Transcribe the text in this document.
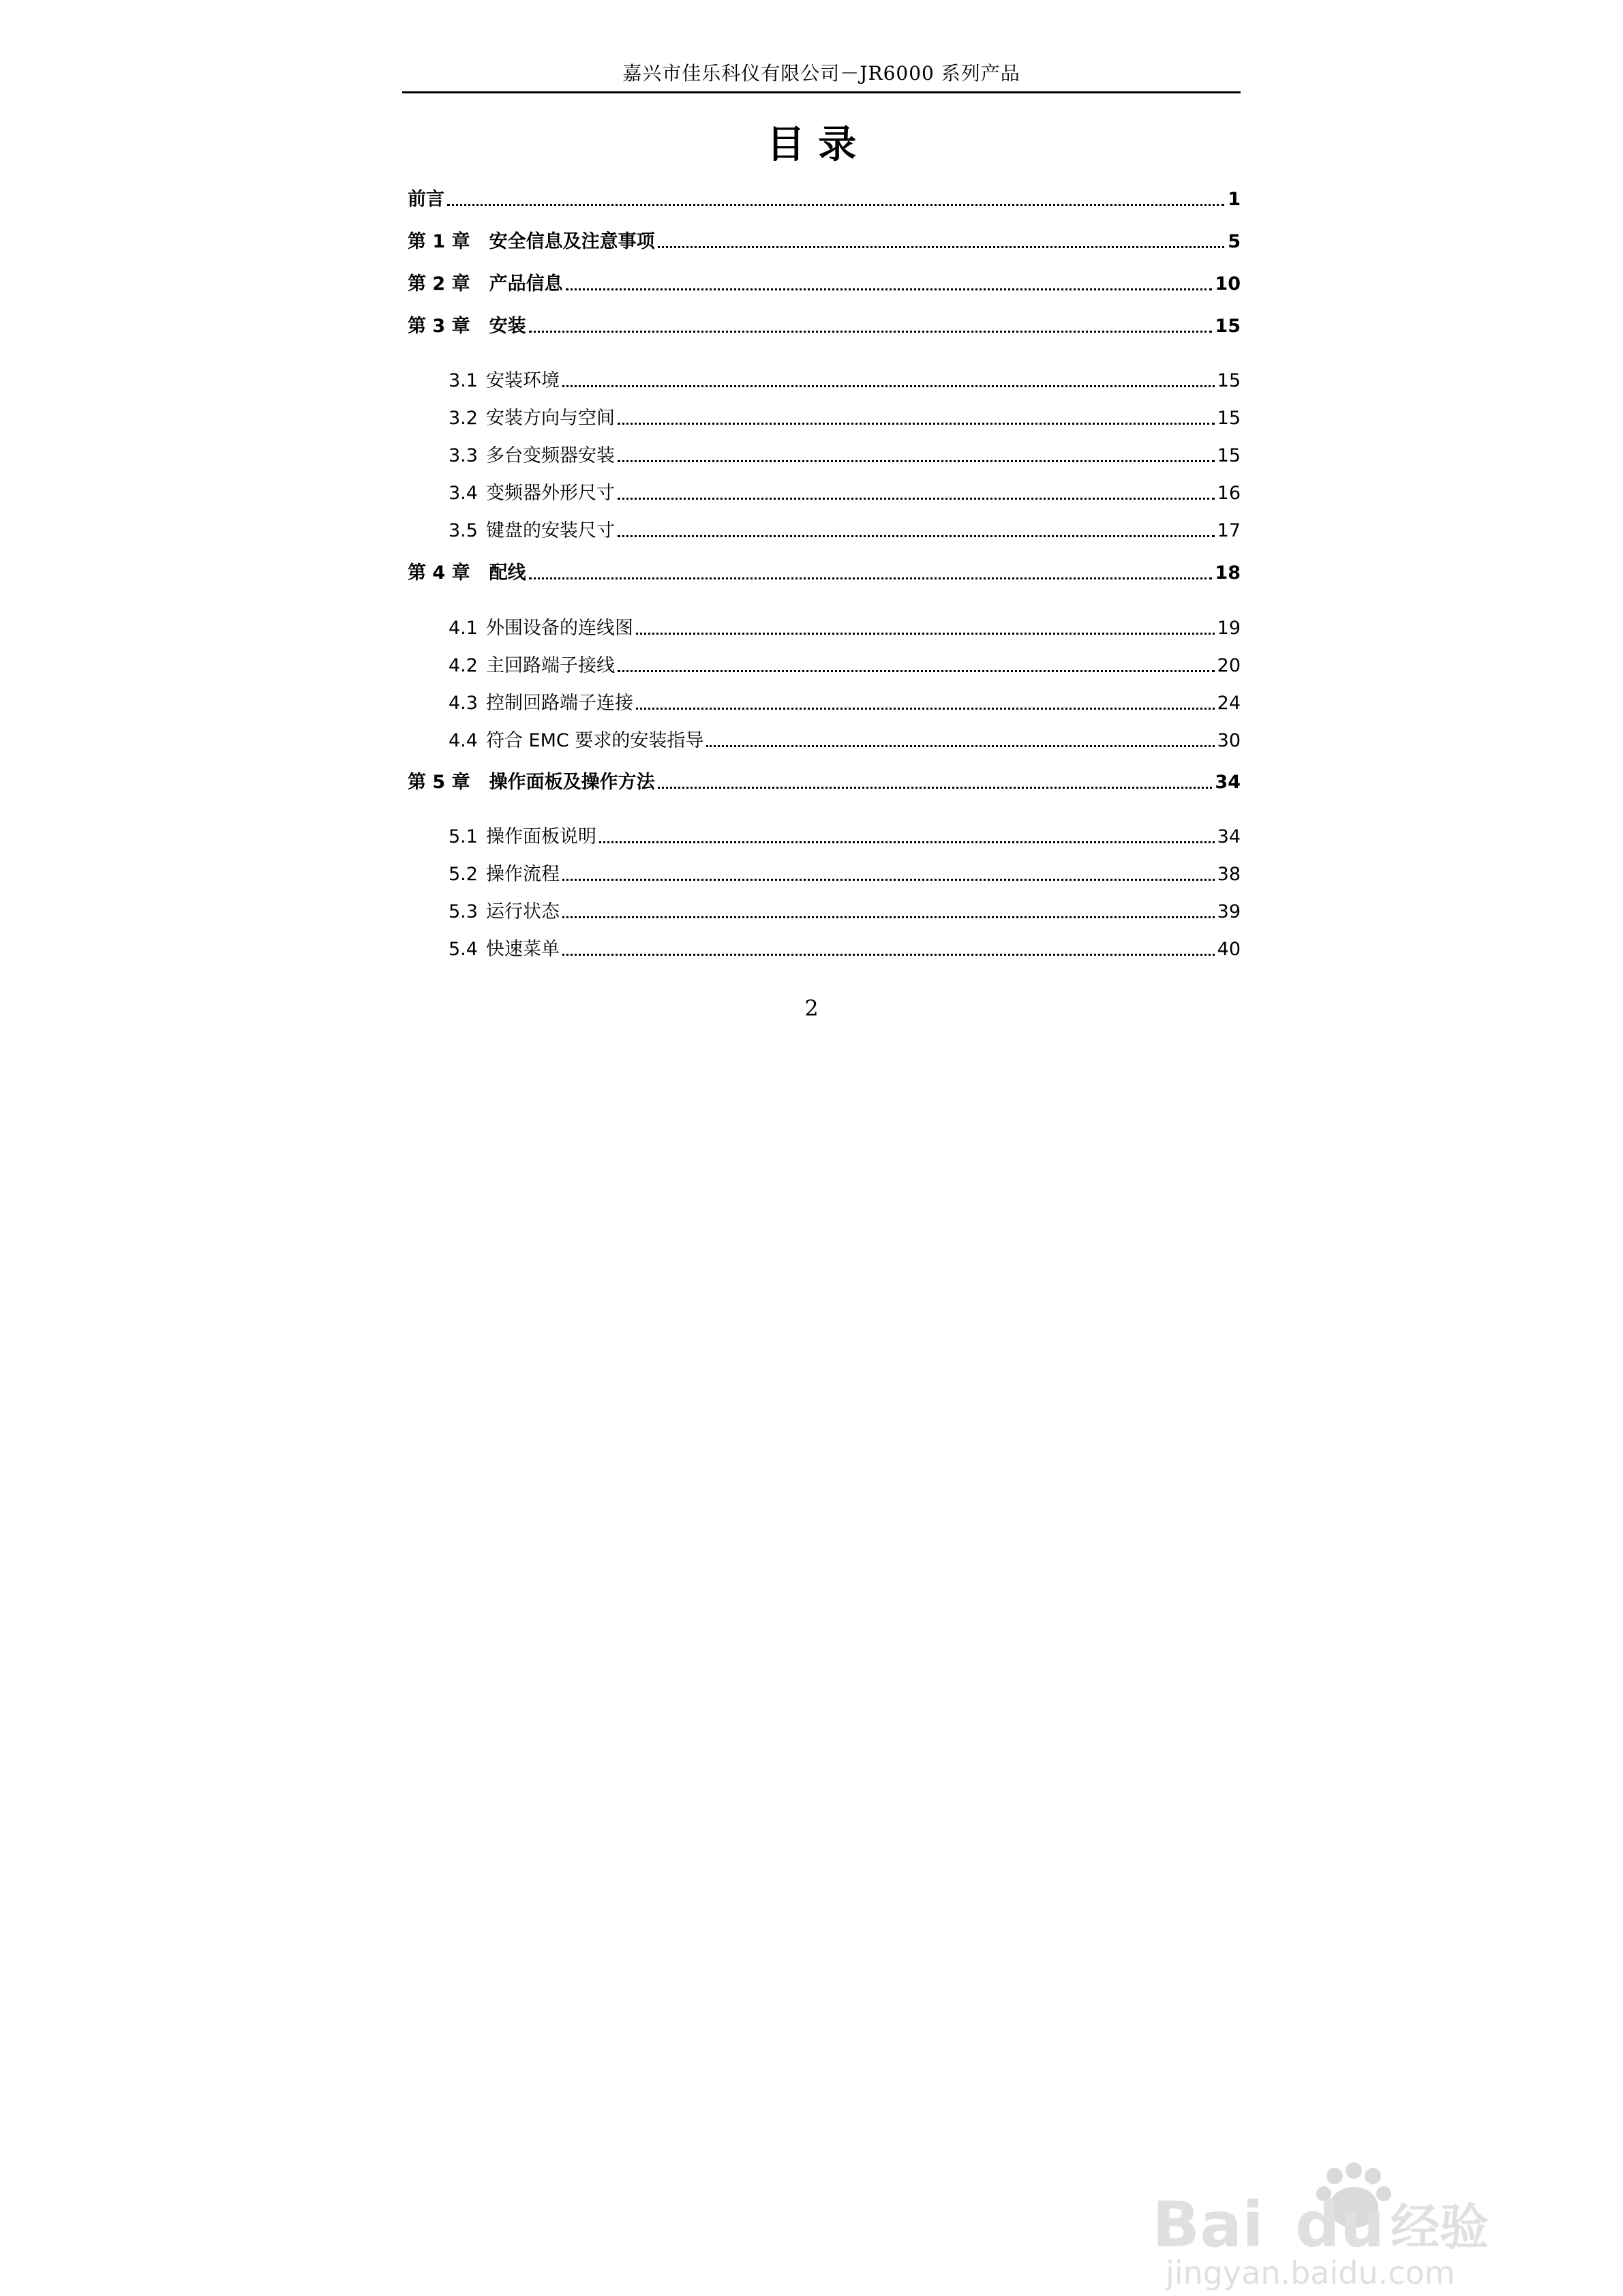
嘉兴市佳乐科仪有限公司－JR6000 系列产品
目 录
前言	1
第 1 章 安全信息及注意事项	5
第 2 章 产品信息	10
第 3 章 安装	15
3.1 安装环境	15
3.2 安装方向与空间	15
3.3 多台变频器安装	15
3.4 变频器外形尺寸	16
3.5 键盘的安装尺寸	17
第 4 章 配线	18
4.1 外围设备的连线图	19
4.2 主回路端子接线	20
4.3 控制回路端子连接	24
4.4 符合 EMC 要求的安装指导	30
第 5 章 操作面板及操作方法	34
5.1 操作面板说明	34
5.2 操作流程	38
5.3 运行状态	39
5.4 快速菜单	40
2
Bai du 经验
jingyan.baidu.com
